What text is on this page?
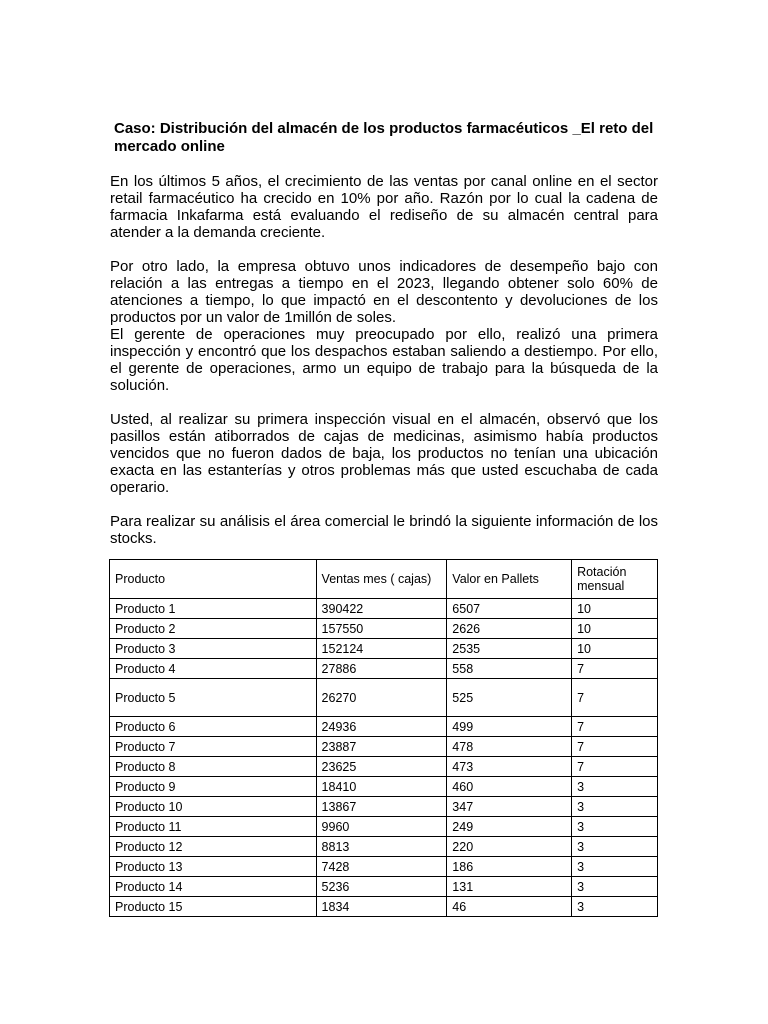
Caso: Distribución del almacén de los productos farmacéuticos _El reto del mercado online

En los últimos 5 años, el crecimiento de las ventas por canal online en el sector retail farmacéutico ha crecido en 10% por año. Razón por lo cual la cadena de farmacia Inkafarma está evaluando el rediseño de su almacén central para atender a la demanda creciente.

Por otro lado, la empresa obtuvo unos indicadores de desempeño bajo con relación a las entregas a tiempo en el 2023, llegando obtener solo 60% de atenciones a tiempo, lo que impactó en el descontento y devoluciones de los productos por un valor de 1millón de soles.

El gerente de operaciones muy preocupado por ello, realizó una primera inspección y encontró que los despachos estaban saliendo a destiempo. Por ello, el gerente de operaciones, armo un equipo de trabajo para la búsqueda de la solución.

Usted, al realizar su primera inspección visual en el almacén, observó que los pasillos están atiborrados de cajas de medicinas, asimismo había productos vencidos que no fueron dados de baja, los productos no tenían una ubicación exacta en las estanterías y otros problemas más que usted escuchaba de cada operario.

Para realizar su análisis el área comercial le brindó la siguiente información de los stocks.

Producto	Ventas mes ( cajas)	Valor en Pallets	Rotación mensual
Producto 1	390422	6507	10
Producto 2	157550	2626	10
Producto 3	152124	2535	10
Producto 4	27886	558	7
Producto 5	26270	525	7
Producto 6	24936	499	7
Producto 7	23887	478	7
Producto 8	23625	473	7
Producto 9	18410	460	3
Producto 10	13867	347	3
Producto 11	9960	249	3
Producto 12	8813	220	3
Producto 13	7428	186	3
Producto 14	5236	131	3
Producto 15	1834	46	3
